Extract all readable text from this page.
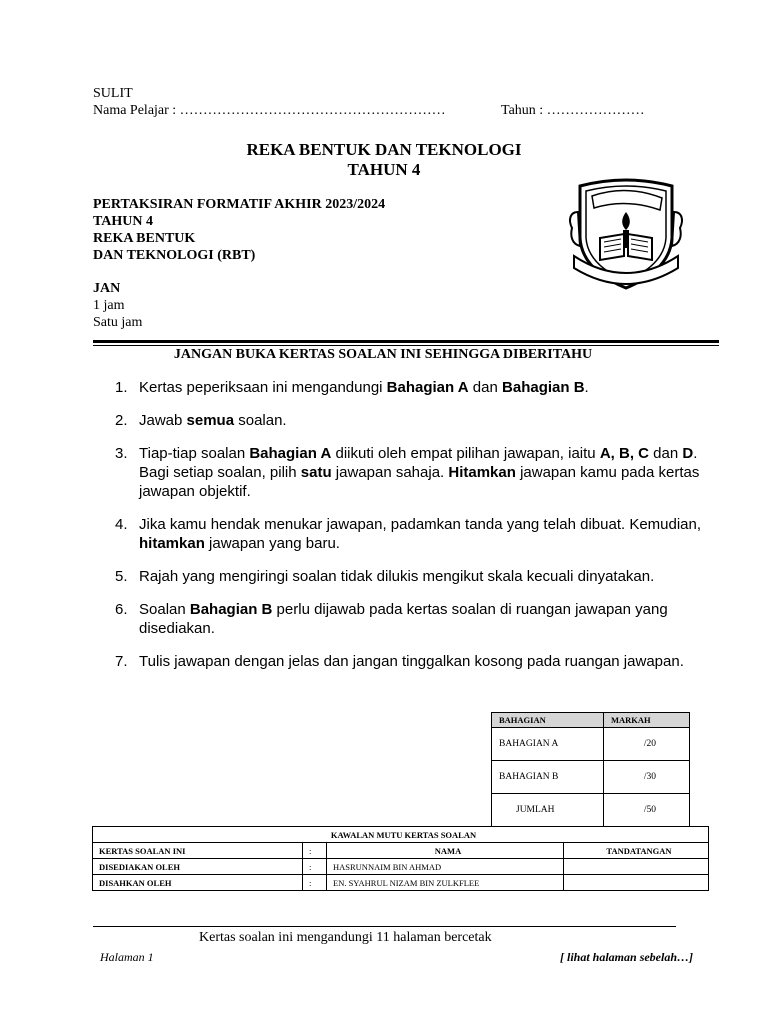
SULIT
Nama Pelajar : …………………………………………………	Tahun : …………………
REKA BENTUK DAN TEKNOLOGI
TAHUN 4
PERTAKSIRAN FORMATIF AKHIR 2023/2024
TAHUN 4
REKA BENTUK
DAN TEKNOLOGI (RBT)
JAN
1 jam
Satu jam
JANGAN BUKA KERTAS SOALAN INI SEHINGGA DIBERITAHU
1. Kertas peperiksaan ini mengandungi Bahagian A dan Bahagian B.
2. Jawab semua soalan.
3. Tiap-tiap soalan Bahagian A diikuti oleh empat pilihan jawapan, iaitu A, B, C dan D. Bagi setiap soalan, pilih satu jawapan sahaja. Hitamkan jawapan kamu pada kertas jawapan objektif.
4. Jika kamu hendak menukar jawapan, padamkan tanda yang telah dibuat. Kemudian, hitamkan jawapan yang baru.
5. Rajah yang mengiringi soalan tidak dilukis mengikut skala kecuali dinyatakan.
6. Soalan Bahagian B perlu dijawab pada kertas soalan di ruangan jawapan yang disediakan.
7. Tulis jawapan dengan jelas dan jangan tinggalkan kosong pada ruangan jawapan.
BAHAGIAN	MARKAH
BAHAGIAN A	/20
BAHAGIAN B	/30
JUMLAH	/50
KAWALAN MUTU KERTAS SOALAN			
KERTAS SOALAN INI	:	NAMA	TANDATANGAN
DISEDIAKAN OLEH	:	HASRUNNAIM BIN AHMAD	
DISAHKAN OLEH	:	EN. SYAHRUL NIZAM BIN ZULKFLEE	
Kertas soalan ini mengandungi 11 halaman bercetak
Halaman 1	[ lihat halaman sebelah…]
